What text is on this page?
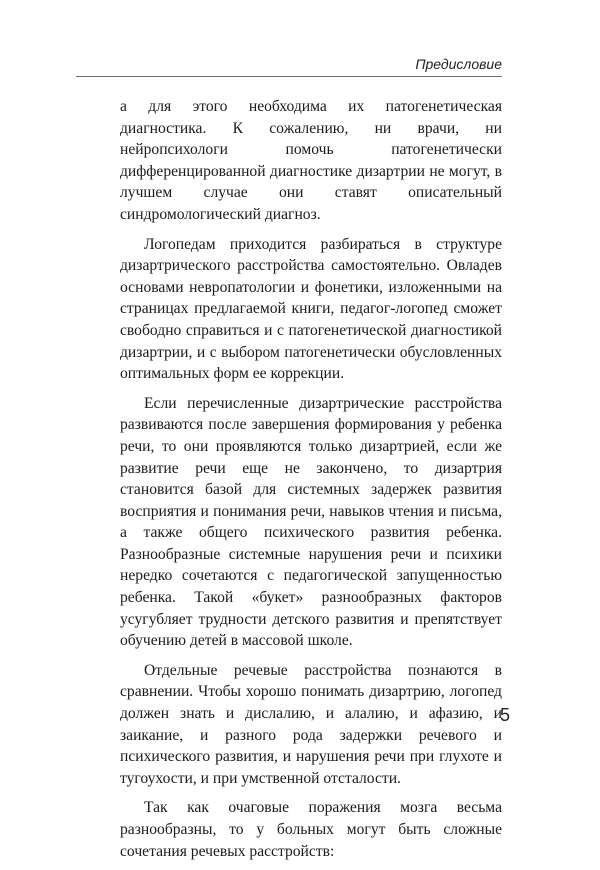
Предисловие

а для этого необходима их патогенетическая диагностика. К сожалению, ни врачи, ни нейропсихологи помочь патогенетически дифференцированной диагностике дизартрии не могут, в лучшем случае они ставят описательный синдромологический диагноз.

Логопедам приходится разбираться в структуре дизартрического расстройства самостоятельно. Овладев основами невропатологии и фонетики, изложенными на страницах предлагаемой книги, педагог-логопед сможет свободно справиться и с патогенетической диагностикой дизартрии, и с выбором патогенетически обусловленных оптимальных форм ее коррекции.

Если перечисленные дизартрические расстройства развиваются после завершения формирования у ребенка речи, то они проявляются только дизартрией, если же развитие речи еще не закончено, то дизартрия становится базой для системных задержек развития восприятия и понимания речи, навыков чтения и письма, а также общего психического развития ребенка. Разнообразные системные нарушения речи и психики нередко сочетаются с педагогической запущенностью ребенка. Такой «букет» разнообразных факторов усугубляет трудности детского развития и препятствует обучению детей в массовой школе.

Отдельные речевые расстройства познаются в сравнении. Чтобы хорошо понимать дизартрию, логопед должен знать и дислалию, и алалию, и афазию, и заикание, и разного рода задержки речевого и психического развития, и нарушения речи при глухоте и тугоухости, и при умственной отсталости.

Так как очаговые поражения мозга весьма разнообразны, то у больных могут быть сложные сочетания речевых расстройств:

5
